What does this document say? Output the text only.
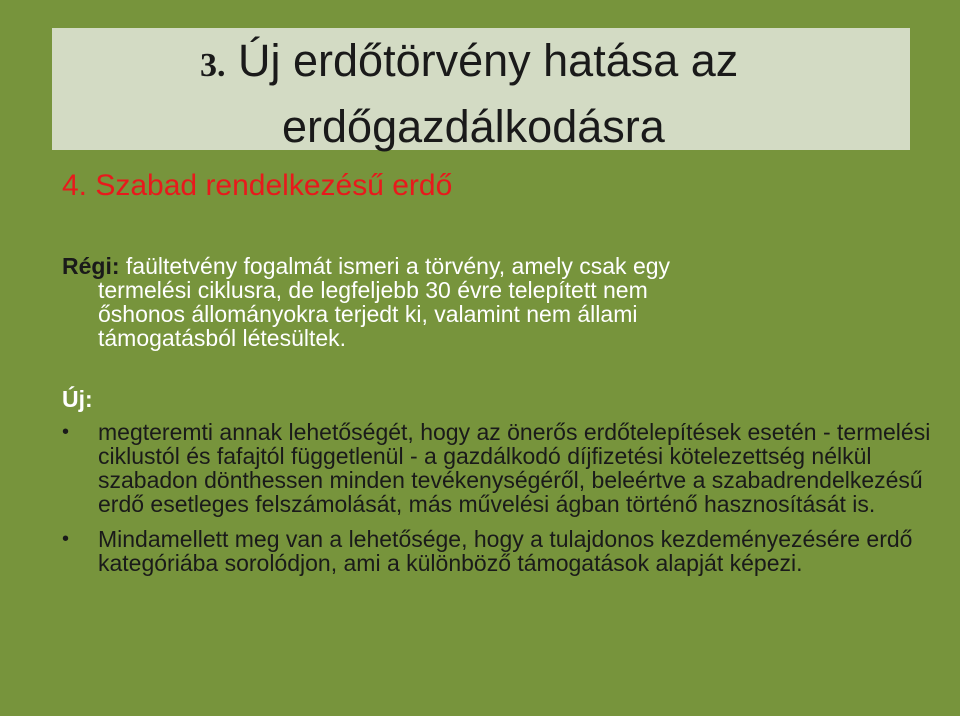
3. Új erdőtörvény hatása az
erdőgazdálkodásra
4. Szabad rendelkezésű erdő
Régi: faültetvény fogalmát ismeri a törvény, amely csak egy
termelési ciklusra, de legfeljebb 30 évre telepített nem
őshonos állományokra terjedt ki, valamint nem állami
támogatásból létesültek.
Új:
•	megteremti annak lehetőségét, hogy az önerős erdőtelepítések esetén - termelési ciklustól és fafajtól függetlenül - a gazdálkodó díjfizetési kötelezettség nélkül szabadon dönthessen minden tevékenységéről, beleértve a szabadrendelkezésű erdő esetleges felszámolását, más művelési ágban történő hasznosítását is.
•	Mindamellett meg van a lehetősége, hogy a tulajdonos kezdeményezésére erdő kategóriába sorolódjon, ami a különböző támogatások alapját képezi.
